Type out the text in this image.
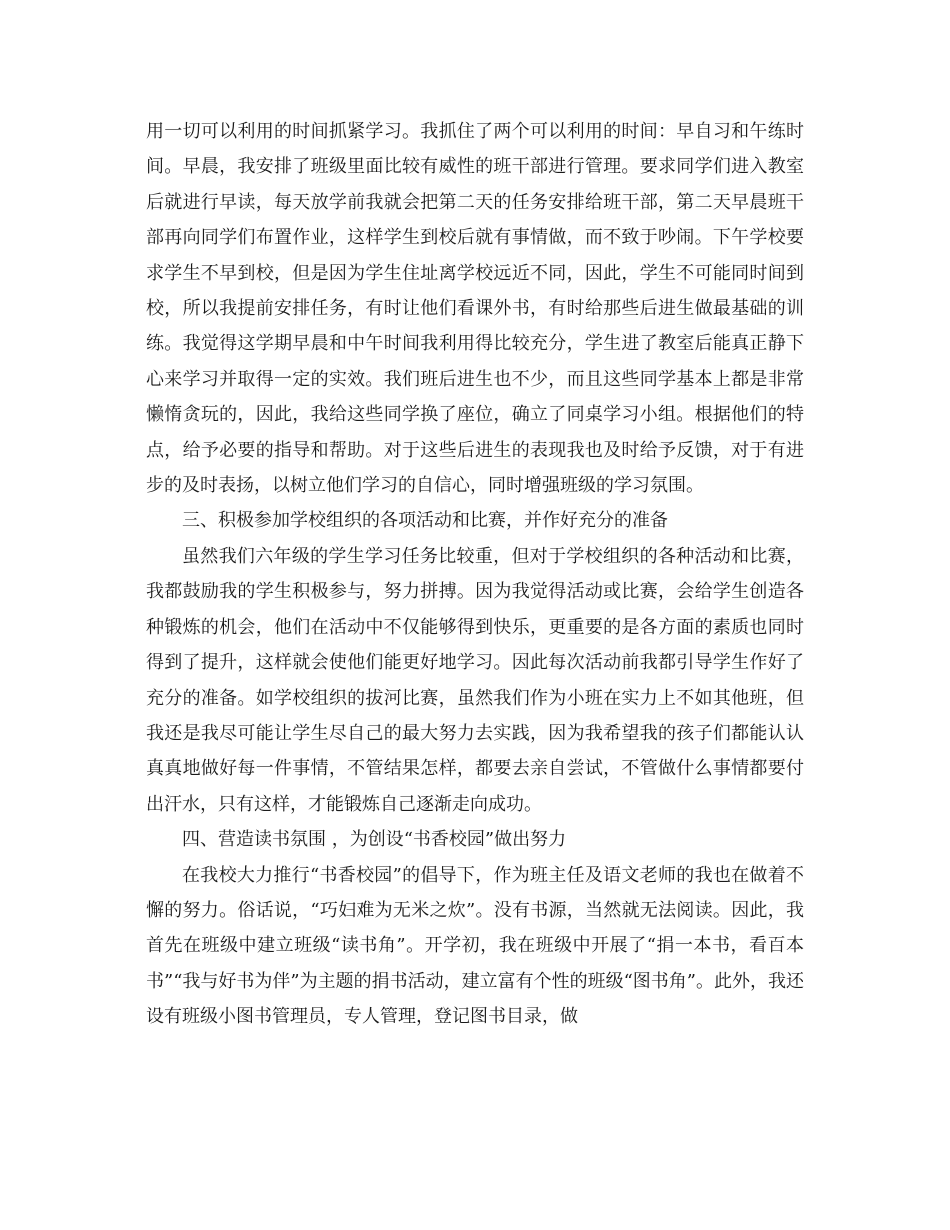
用一切可以利用的时间抓紧学习。我抓住了两个可以利用的时间：早自习和午练时间。早晨，我安排了班级里面比较有威性的班干部进行管理。要求同学们进入教室后就进行早读，每天放学前我就会把第二天的任务安排给班干部，第二天早晨班干部再向同学们布置作业，这样学生到校后就有事情做，而不致于吵闹。下午学校要求学生不早到校，但是因为学生住址离学校远近不同，因此，学生不可能同时间到校，所以我提前安排任务，有时让他们看课外书，有时给那些后进生做最基础的训练。我觉得这学期早晨和中午时间我利用得比较充分，学生进了教室后能真正静下心来学习并取得一定的实效。我们班后进生也不少，而且这些同学基本上都是非常懒惰贪玩的，因此，我给这些同学换了座位，确立了同桌学习小组。根据他们的特点，给予必要的指导和帮助。对于这些后进生的表现我也及时给予反馈，对于有进步的及时表扬，以树立他们学习的自信心，同时增强班级的学习氛围。

三、积极参加学校组织的各项活动和比赛，并作好充分的准备

虽然我们六年级的学生学习任务比较重，但对于学校组织的各种活动和比赛，我都鼓励我的学生积极参与，努力拼搏。因为我觉得活动或比赛，会给学生创造各种锻炼的机会，他们在活动中不仅能够得到快乐，更重要的是各方面的素质也同时得到了提升，这样就会使他们能更好地学习。因此每次活动前我都引导学生作好了充分的准备。如学校组织的拔河比赛，虽然我们作为小班在实力上不如其他班，但我还是我尽可能让学生尽自己的最大努力去实践，因为我希望我的孩子们都能认认真真地做好每一件事情，不管结果怎样，都要去亲自尝试，不管做什么事情都要付出汗水，只有这样，才能锻炼自己逐渐走向成功。

四、营造读书氛围 ，为创设“书香校园”做出努力

在我校大力推行“书香校园”的倡导下，作为班主任及语文老师的我也在做着不懈的努力。俗话说，“巧妇难为无米之炊”。没有书源，当然就无法阅读。因此，我首先在班级中建立班级“读书角”。开学初，我在班级中开展了“捐一本书，看百本书”“我与好书为伴”为主题的捐书活动，建立富有个性的班级“图书角”。此外，我还设有班级小图书管理员，专人管理，登记图书目录，做
